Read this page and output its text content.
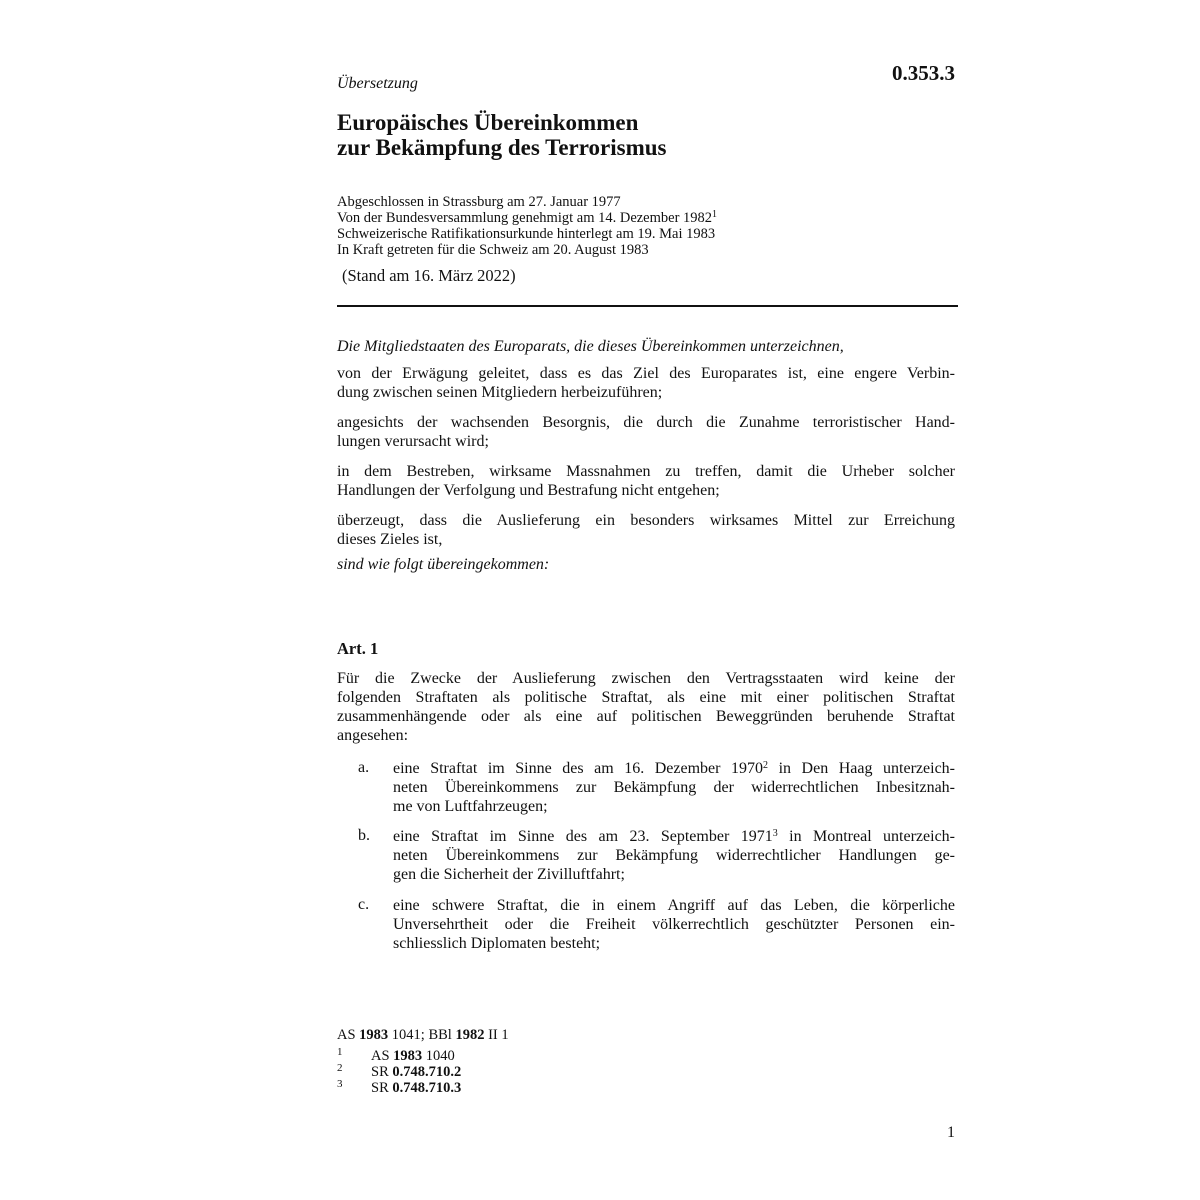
Übersetzung	0.353.3
Europäisches Übereinkommen
zur Bekämpfung des Terrorismus
Abgeschlossen in Strassburg am 27. Januar 1977
Von der Bundesversammlung genehmigt am 14. Dezember 1982$^1$
Schweizerische Ratifikationsurkunde hinterlegt am 19. Mai 1983
In Kraft getreten für die Schweiz am 20. August 1983
(Stand am 16. März 2022)
Die Mitgliedstaaten des Europarats, die dieses Übereinkommen unterzeichnen,
von der Erwägung geleitet, dass es das Ziel des Europarates ist, eine engere Verbin-
dung zwischen seinen Mitgliedern herbeizuführen;
angesichts der wachsenden Besorgnis, die durch die Zunahme terroristischer Hand-
lungen verursacht wird;
in dem Bestreben, wirksame Massnahmen zu treffen, damit die Urheber solcher
Handlungen der Verfolgung und Bestrafung nicht entgehen;
überzeugt, dass die Auslieferung ein besonders wirksames Mittel zur Erreichung
dieses Zieles ist,
sind wie folgt übereingekommen:
Art. 1
Für die Zwecke der Auslieferung zwischen den Vertragsstaaten wird keine der
folgenden Straftaten als politische Straftat, als eine mit einer politischen Straftat
zusammenhängende oder als eine auf politischen Beweggründen beruhende Straftat
angesehen:
a. eine Straftat im Sinne des am 16. Dezember 1970$^2$ in Den Haag unterzeich-
neten Übereinkommens zur Bekämpfung der widerrechtlichen Inbesitznah-
me von Luftfahrzeugen;
b. eine Straftat im Sinne des am 23. September 1971$^3$ in Montreal unterzeich-
neten Übereinkommens zur Bekämpfung widerrechtlicher Handlungen ge-
gen die Sicherheit der Zivilluftfahrt;
c. eine schwere Straftat, die in einem Angriff auf das Leben, die körperliche
Unversehrtheit oder die Freiheit völkerrechtlich geschützter Personen ein-
schliesslich Diplomaten besteht;
AS 1983 1041; BBl 1982 II 1
1 AS 1983 1040
2 SR 0.748.710.2
3 SR 0.748.710.3
1
